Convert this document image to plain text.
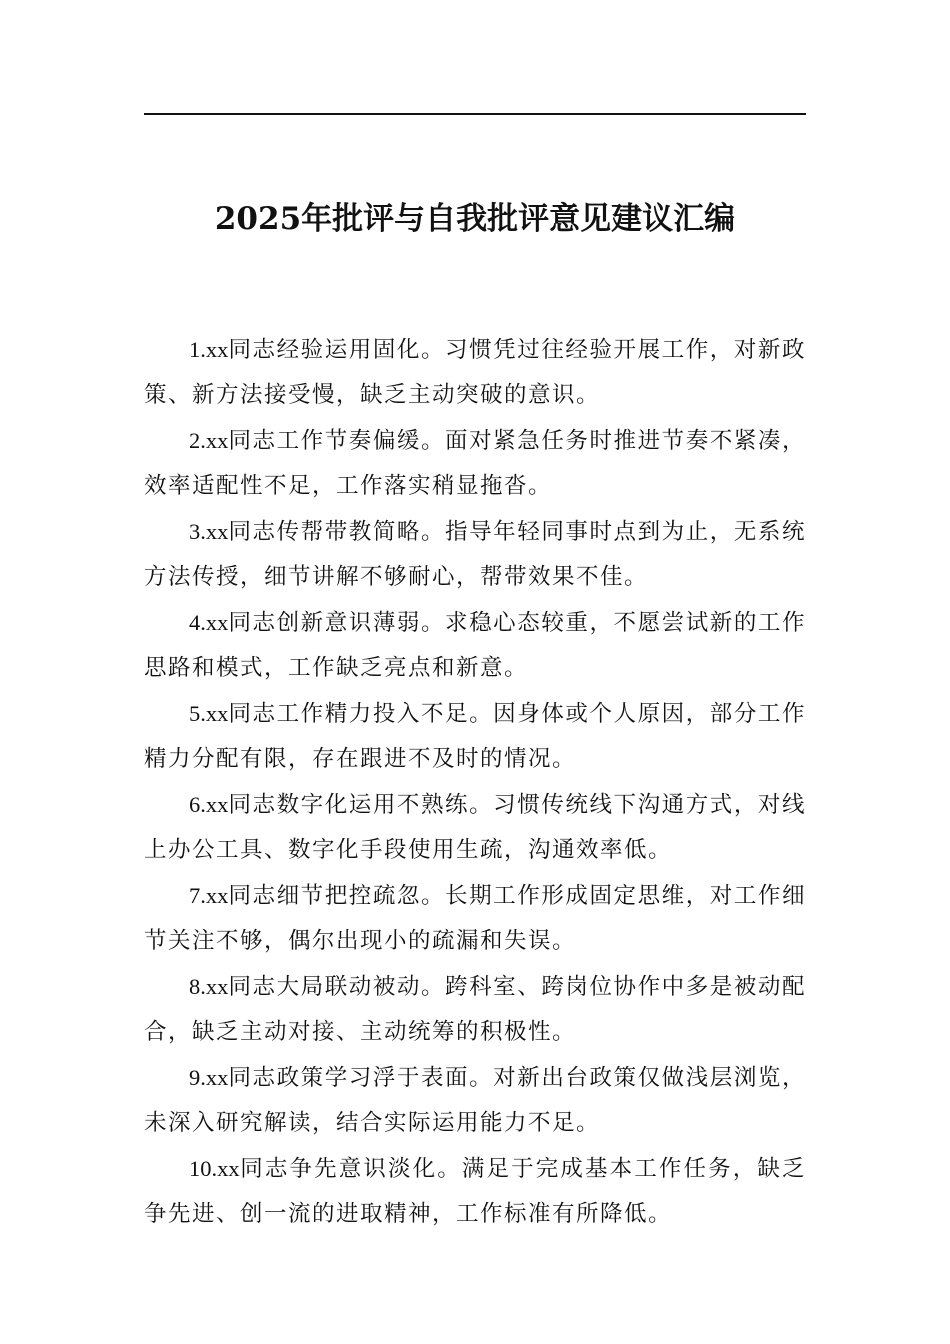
2025年批评与自我批评意见建议汇编

1.xx同志经验运用固化。习惯凭过往经验开展工作，对新政策、新方法接受慢，缺乏主动突破的意识。

2.xx同志工作节奏偏缓。面对紧急任务时推进节奏不紧凑，效率适配性不足，工作落实稍显拖沓。

3.xx同志传帮带教简略。指导年轻同事时点到为止，无系统方法传授，细节讲解不够耐心，帮带效果不佳。

4.xx同志创新意识薄弱。求稳心态较重，不愿尝试新的工作思路和模式，工作缺乏亮点和新意。

5.xx同志工作精力投入不足。因身体或个人原因，部分工作精力分配有限，存在跟进不及时的情况。

6.xx同志数字化运用不熟练。习惯传统线下沟通方式，对线上办公工具、数字化手段使用生疏，沟通效率低。

7.xx同志细节把控疏忽。长期工作形成固定思维，对工作细节关注不够，偶尔出现小的疏漏和失误。

8.xx同志大局联动被动。跨科室、跨岗位协作中多是被动配合，缺乏主动对接、主动统筹的积极性。

9.xx同志政策学习浮于表面。对新出台政策仅做浅层浏览，未深入研究解读，结合实际运用能力不足。

10.xx同志争先意识淡化。满足于完成基本工作任务，缺乏争先进、创一流的进取精神，工作标准有所降低。
